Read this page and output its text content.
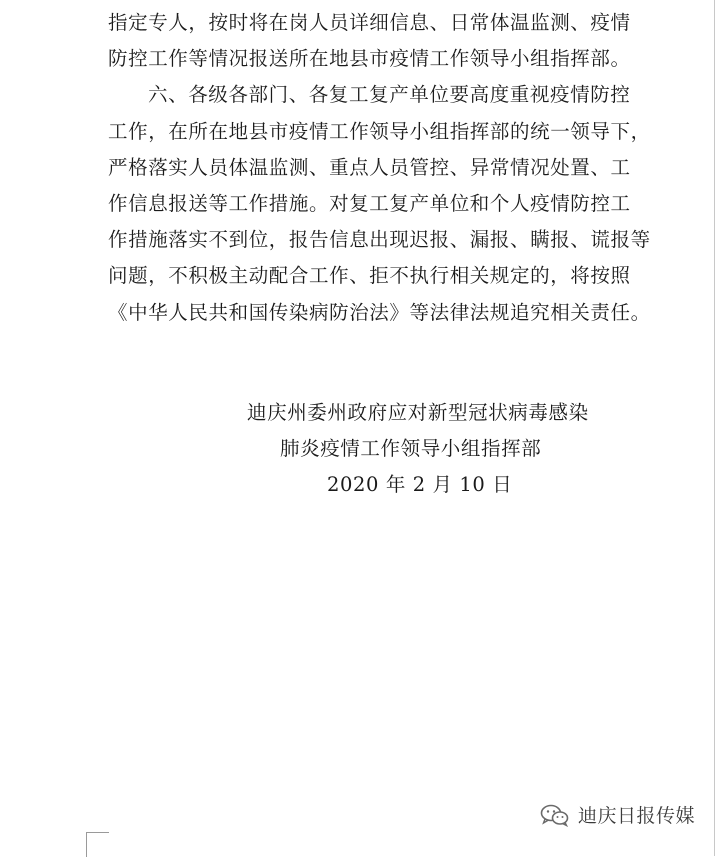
指定专人，按时将在岗人员详细信息、日常体温监测、疫情
防控工作等情况报送所在地县市疫情工作领导小组指挥部。
六、各级各部门、各复工复产单位要高度重视疫情防控
工作，在所在地县市疫情工作领导小组指挥部的统一领导下，
严格落实人员体温监测、重点人员管控、异常情况处置、工
作信息报送等工作措施。对复工复产单位和个人疫情防控工
作措施落实不到位，报告信息出现迟报、漏报、瞒报、谎报等
问题，不积极主动配合工作、拒不执行相关规定的，将按照
《中华人民共和国传染病防治法》等法律法规追究相关责任。
迪庆州委州政府应对新型冠状病毒感染
肺炎疫情工作领导小组指挥部
2020 年 2 月 10 日
迪庆日报传媒
